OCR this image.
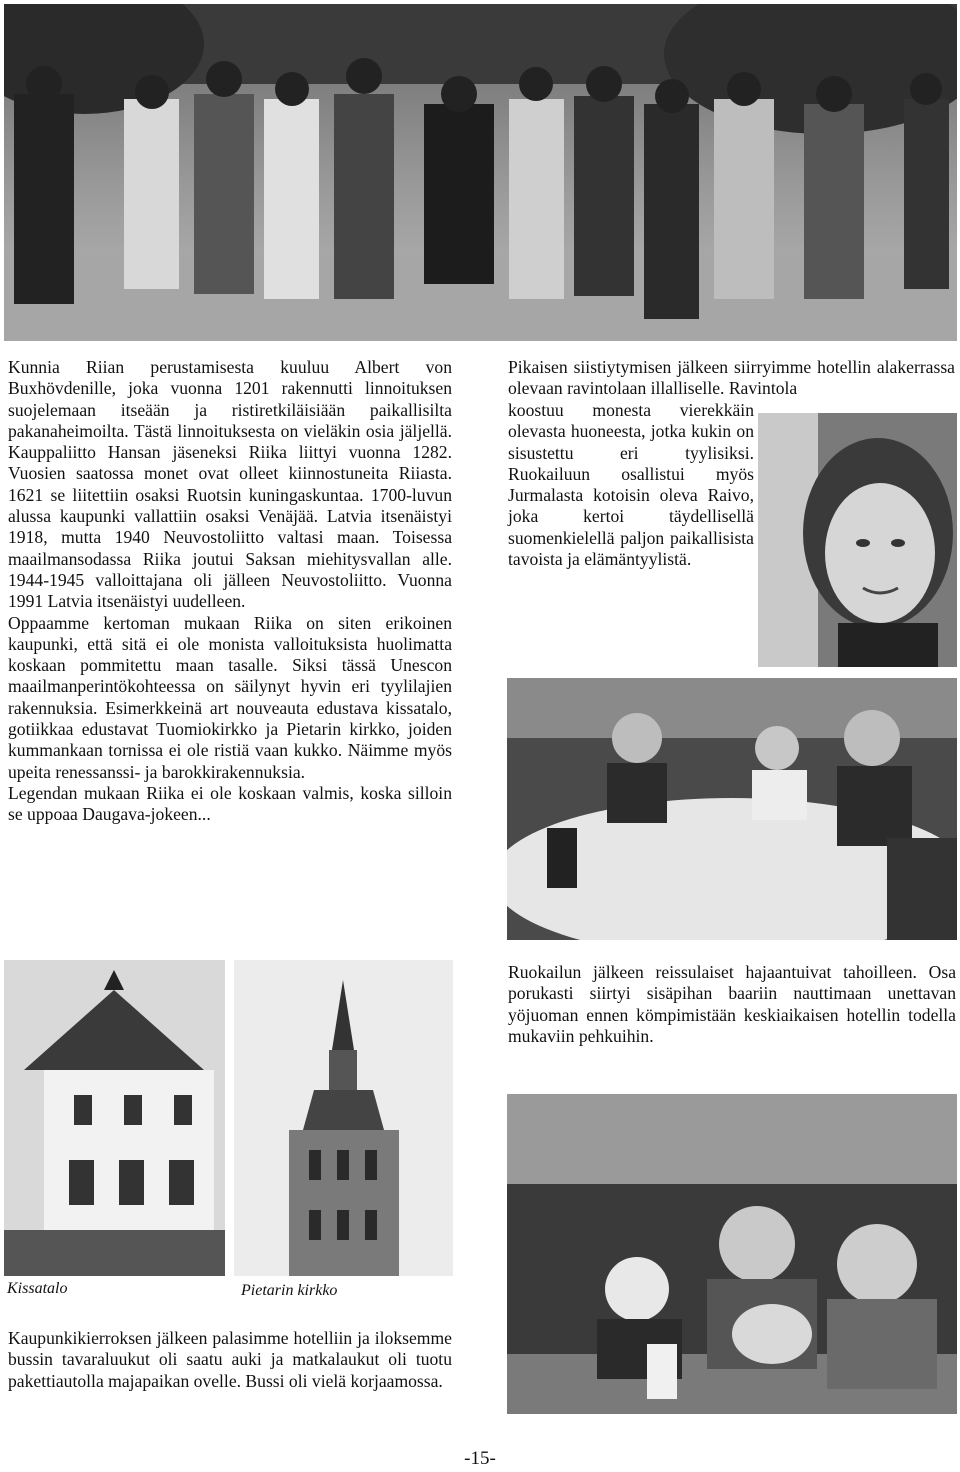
Kunnia Riian perustamisesta kuuluu Albert von Buxhövdenille, joka vuonna 1201 rakennutti linnoituksen suojelemaan itseään ja ristiretkiläisiään paikallisilta pakanaheimoilta. Tästä linnoituksesta on vieläkin osia jäljellä. Kauppaliitto Hansan jäseneksi Riika liittyi vuonna 1282. Vuosien saatossa monet ovat olleet kiinnostuneita Riiasta. 1621 se liitettiin osaksi Ruotsin kuningaskuntaa. 1700-luvun alussa kaupunki vallattiin osaksi Venäjää. Latvia itsenäistyi 1918, mutta 1940 Neuvostoliitto valtasi maan. Toisessa maailmansodassa Riika joutui Saksan miehitysvallan alle. 1944-1945 valloittajana oli jälleen Neuvostoliitto. Vuonna 1991 Latvia itsenäistyi uudelleen.

Oppaamme kertoman mukaan Riika on siten erikoinen kaupunki, että sitä ei ole monista valloituksista huolimatta koskaan pommitettu maan tasalle. Siksi tässä Unescon maailmanperintökohteessa on säilynyt hyvin eri tyylilajien rakennuksia. Esimerkkeinä art nouveauta edustava kissatalo, gotiikkaa edustavat Tuomiokirkko ja Pietarin kirkko, joiden kummankaan tornissa ei ole ristiä vaan kukko. Näimme myös upeita renessanssi- ja barokkirakennuksia.

Legendan mukaan Riika ei ole koskaan valmis, koska silloin se uppoaa Daugava-jokeen...

Pikaisen siistiytymisen jälkeen siirryimme hotellin alakerrassa olevaan ravintolaan illalliselle. Ravintola
koostuu monesta vierekkäin olevasta huoneesta, jotka kukin on sisustettu eri tyylisiksi. Ruokailuun osallistui myös Jurmalasta kotoisin oleva Raivo, joka kertoi täydellisellä suomenkielellä paljon paikallisista tavoista ja elämäntyylistä.
Ruokailun jälkeen reissulaiset hajaantuivat tahoilleen. Osa porukasti siirtyi sisäpihan baariin nauttimaan unettavan yöjuoman ennen kömpimistään keskiaikaisen hotellin todella mukaviin pehkuihin.
Kissatalo	Pietarin kirkko
Kaupunkikierroksen jälkeen palasimme hotelliin ja iloksemme bussin tavaraluukut oli saatu auki ja matkalaukut oli tuotu pakettiautolla majapaikan ovelle. Bussi oli vielä korjaamossa.
-15-
